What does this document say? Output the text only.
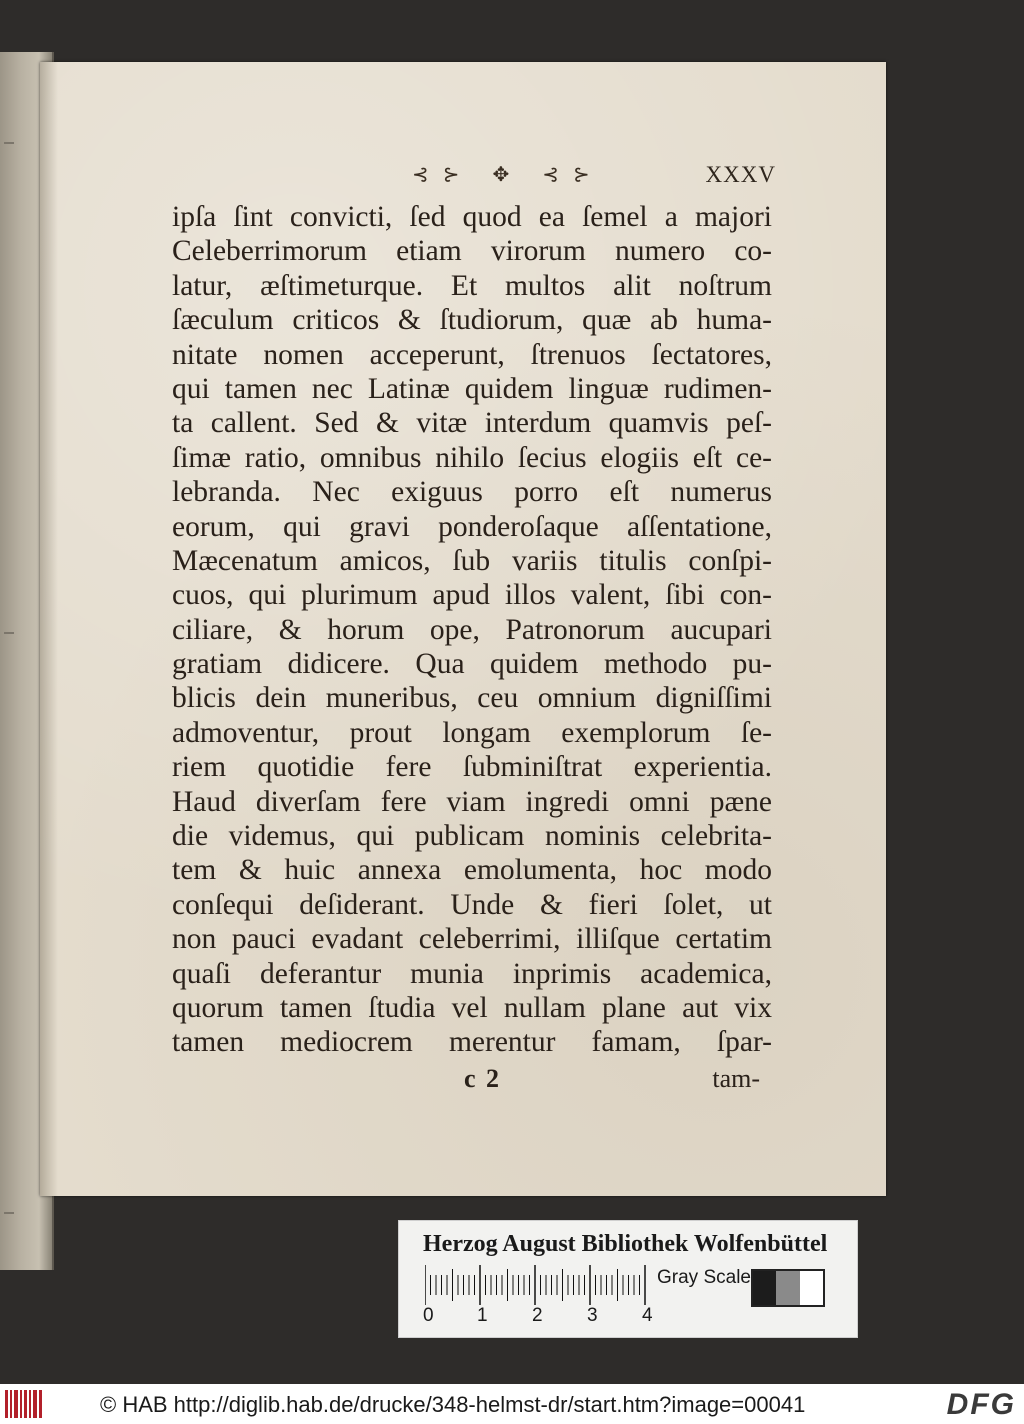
⊰⊱ ✥ ⊰⊱	XXXV
ipſa ſint convicti, ſed quod ea ſemel a majori
Celeberrimorum etiam virorum numero co-
latur, æſtimeturque. Et multos alit noſtrum
ſæculum criticos & ſtudiorum, quæ ab huma-
nitate nomen acceperunt, ſtrenuos ſectatores,
qui tamen nec Latinæ quidem linguæ rudimen-
ta callent. Sed & vitæ interdum quamvis peſ-
ſimæ ratio, omnibus nihilo ſecius elogiis eſt ce-
lebranda. Nec exiguus porro eſt numerus
eorum, qui gravi ponderoſaque aſſentatione,
Mæcenatum amicos, ſub variis titulis conſpi-
cuos, qui plurimum apud illos valent, ſibi con-
ciliare, & horum ope, Patronorum aucupari
gratiam didicere. Qua quidem methodo pu-
blicis dein muneribus, ceu omnium digniſſimi
admoventur, prout longam exemplorum ſe-
riem quotidie fere ſubminiſtrat experientia.
Haud diverſam fere viam ingredi omni pæne
die videmus, qui publicam nominis celebrita-
tem & huic annexa emolumenta, hoc modo
conſequi deſiderant. Unde & fieri ſolet, ut
non pauci evadant celeberrimi, illiſque certatim
quaſi deferantur munia inprimis academica,
quorum tamen ſtudia vel nullam plane aut vix
tamen mediocrem merentur famam, ſpar-
c 2	tam-
Herzog August Bibliothek Wolfenbüttel
0 1 2 3 4
Gray Scale
© HAB http://diglib.hab.de/drucke/348-helmst-dr/start.htm?image=00041	DFG
